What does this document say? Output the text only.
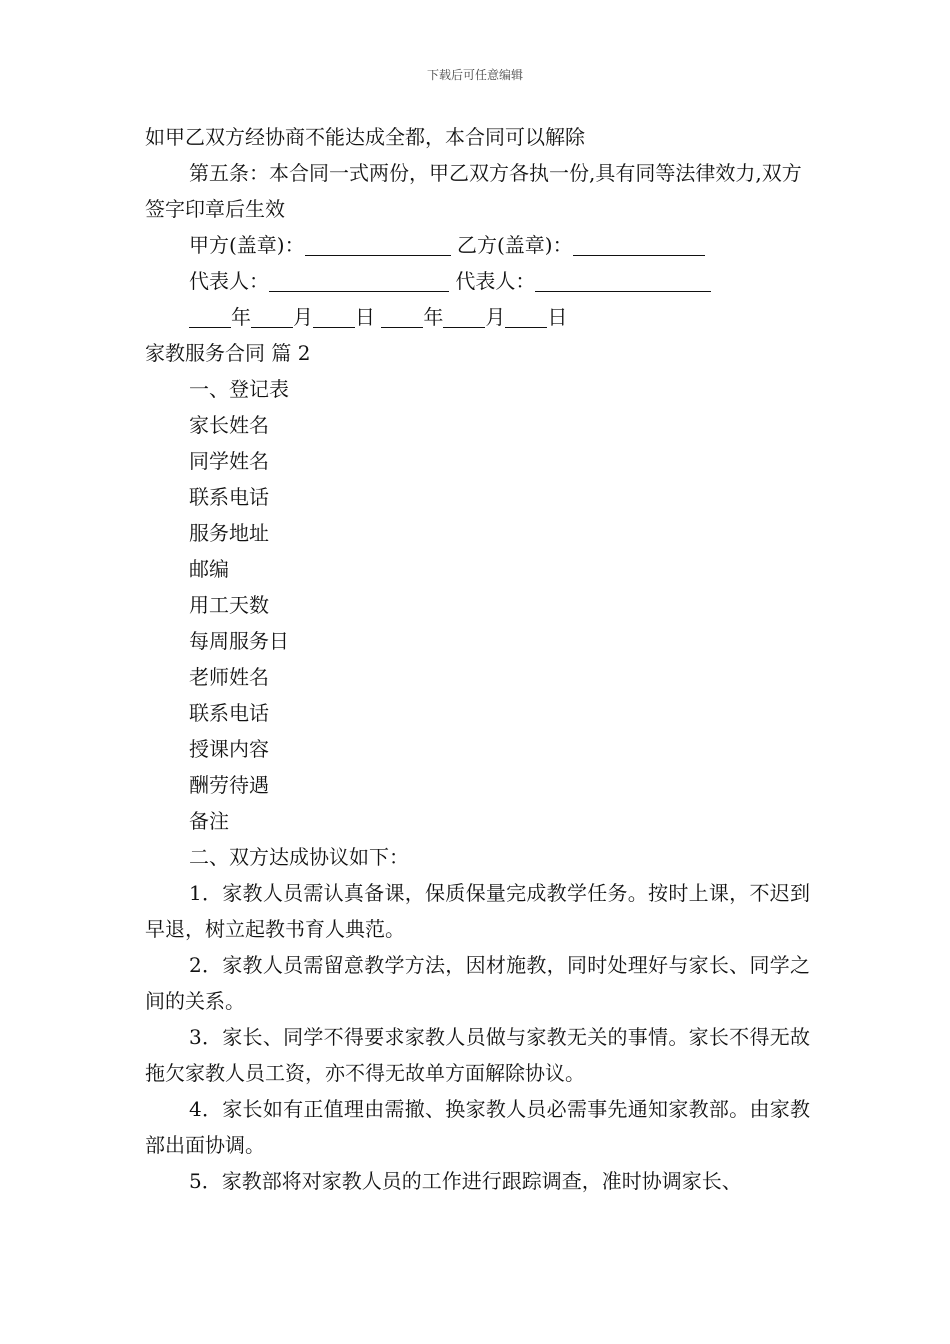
下载后可任意编辑
如甲乙双方经协商不能达成全都，本合同可以解除
第五条：本合同一式两份，甲乙双方各执一份,具有同等法律效力,双方签字印章后生效
甲方(盖章)：	乙方(盖章)：
代表人：	代表人：
年 月 日 年 月 日
家教服务合同 篇 2
一、登记表
家长姓名
同学姓名
联系电话
服务地址
邮编
用工天数
每周服务日
老师姓名
联系电话
授课内容
酬劳待遇
备注
二、双方达成协议如下：
1．家教人员需认真备课，保质保量完成教学任务。按时上课，不迟到早退，树立起教书育人典范。
2．家教人员需留意教学方法，因材施教，同时处理好与家长、同学之间的关系。
3．家长、同学不得要求家教人员做与家教无关的事情。家长不得无故拖欠家教人员工资，亦不得无故单方面解除协议。
4．家长如有正值理由需撤、换家教人员必需事先通知家教部。由家教部出面协调。
5．家教部将对家教人员的工作进行跟踪调查，准时协调家长、
